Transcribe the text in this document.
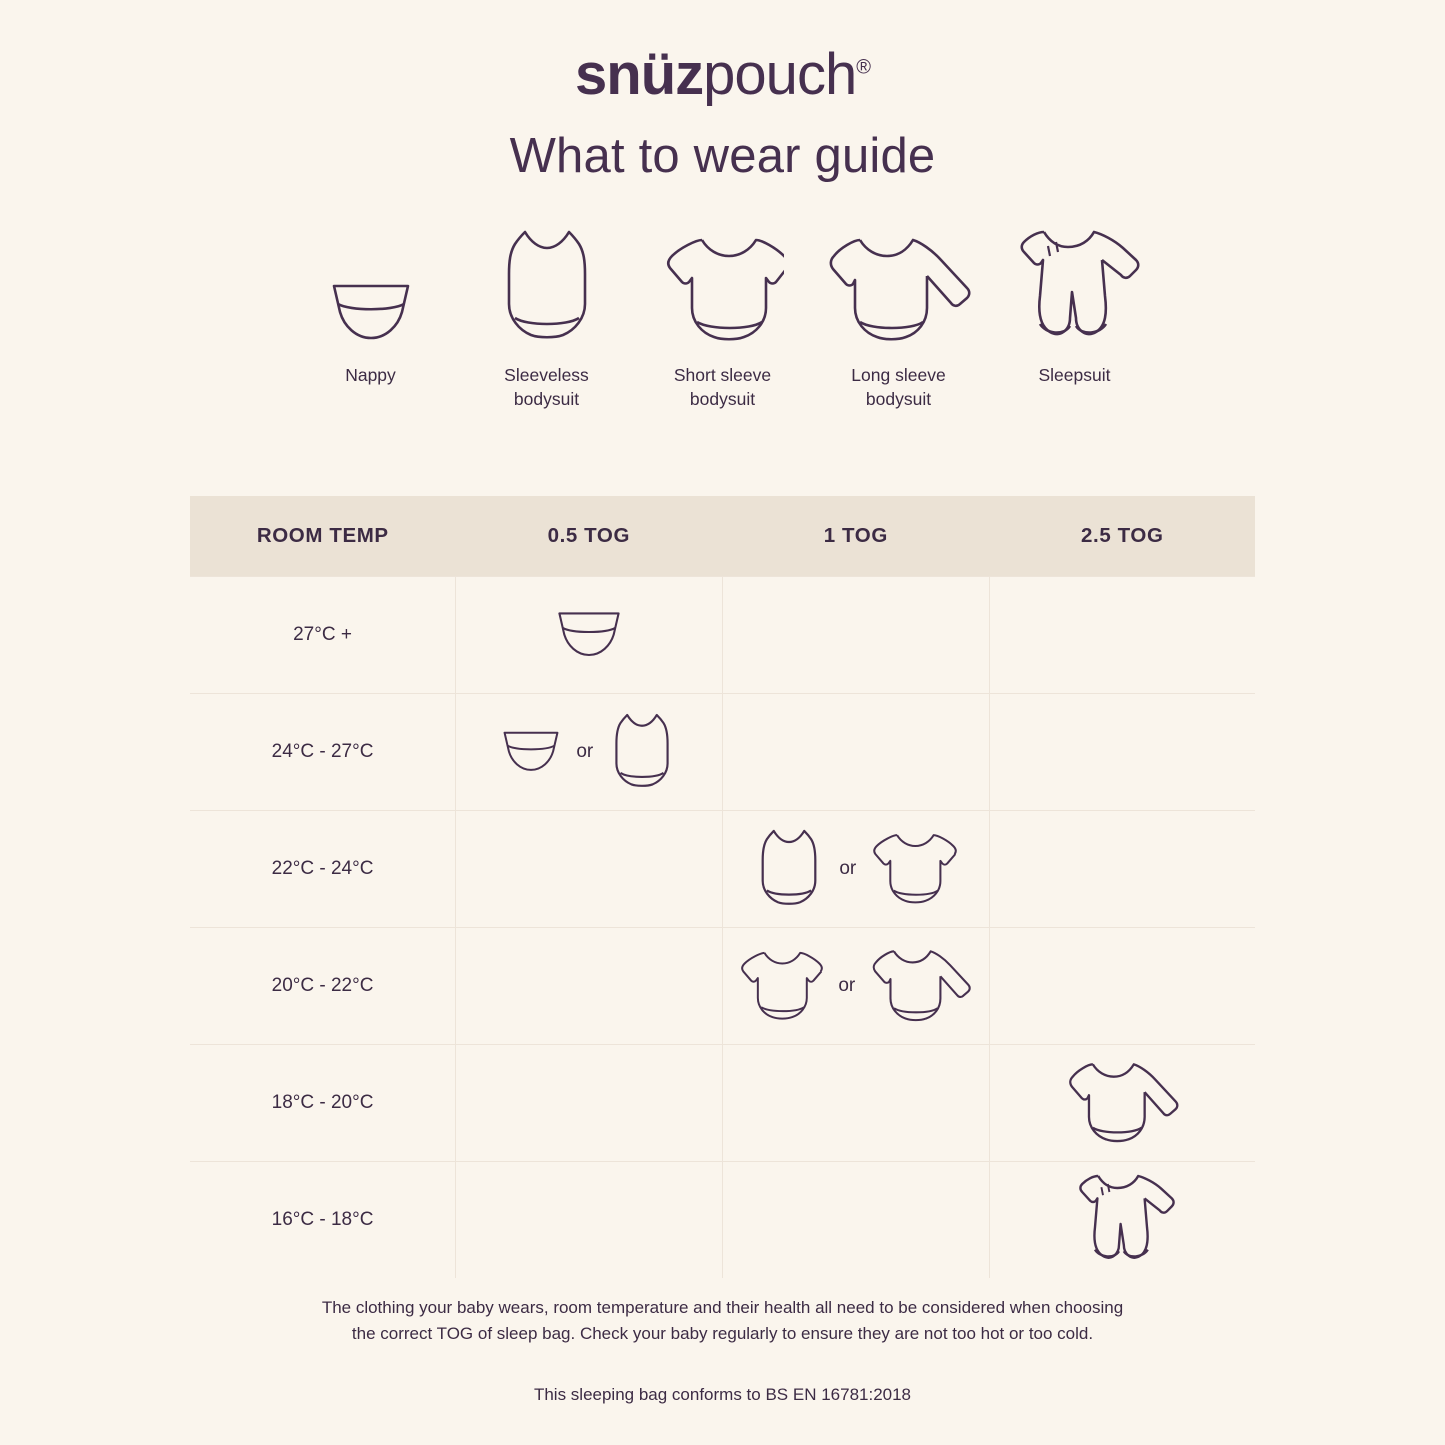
snüzpouch®
What to wear guide
Nappy	Sleeveless
bodysuit
Short sleeve
bodysuit
Long sleeve
bodysuit
Sleepsuit
ROOM TEMP	0.5 TOG	1 TOG	2.5 TOG
27°C +	

24°C - 27°C	or		

22°C - 24°C		or	

20°C - 22°C		or	

18°C - 20°C			

16°C - 18°C			

The clothing your baby wears, room temperature and their health all need to be considered when choosing

the correct TOG of sleep bag. Check your baby regularly to ensure they are not too hot or too cold.

This sleeping bag conforms to BS EN 16781:2018
